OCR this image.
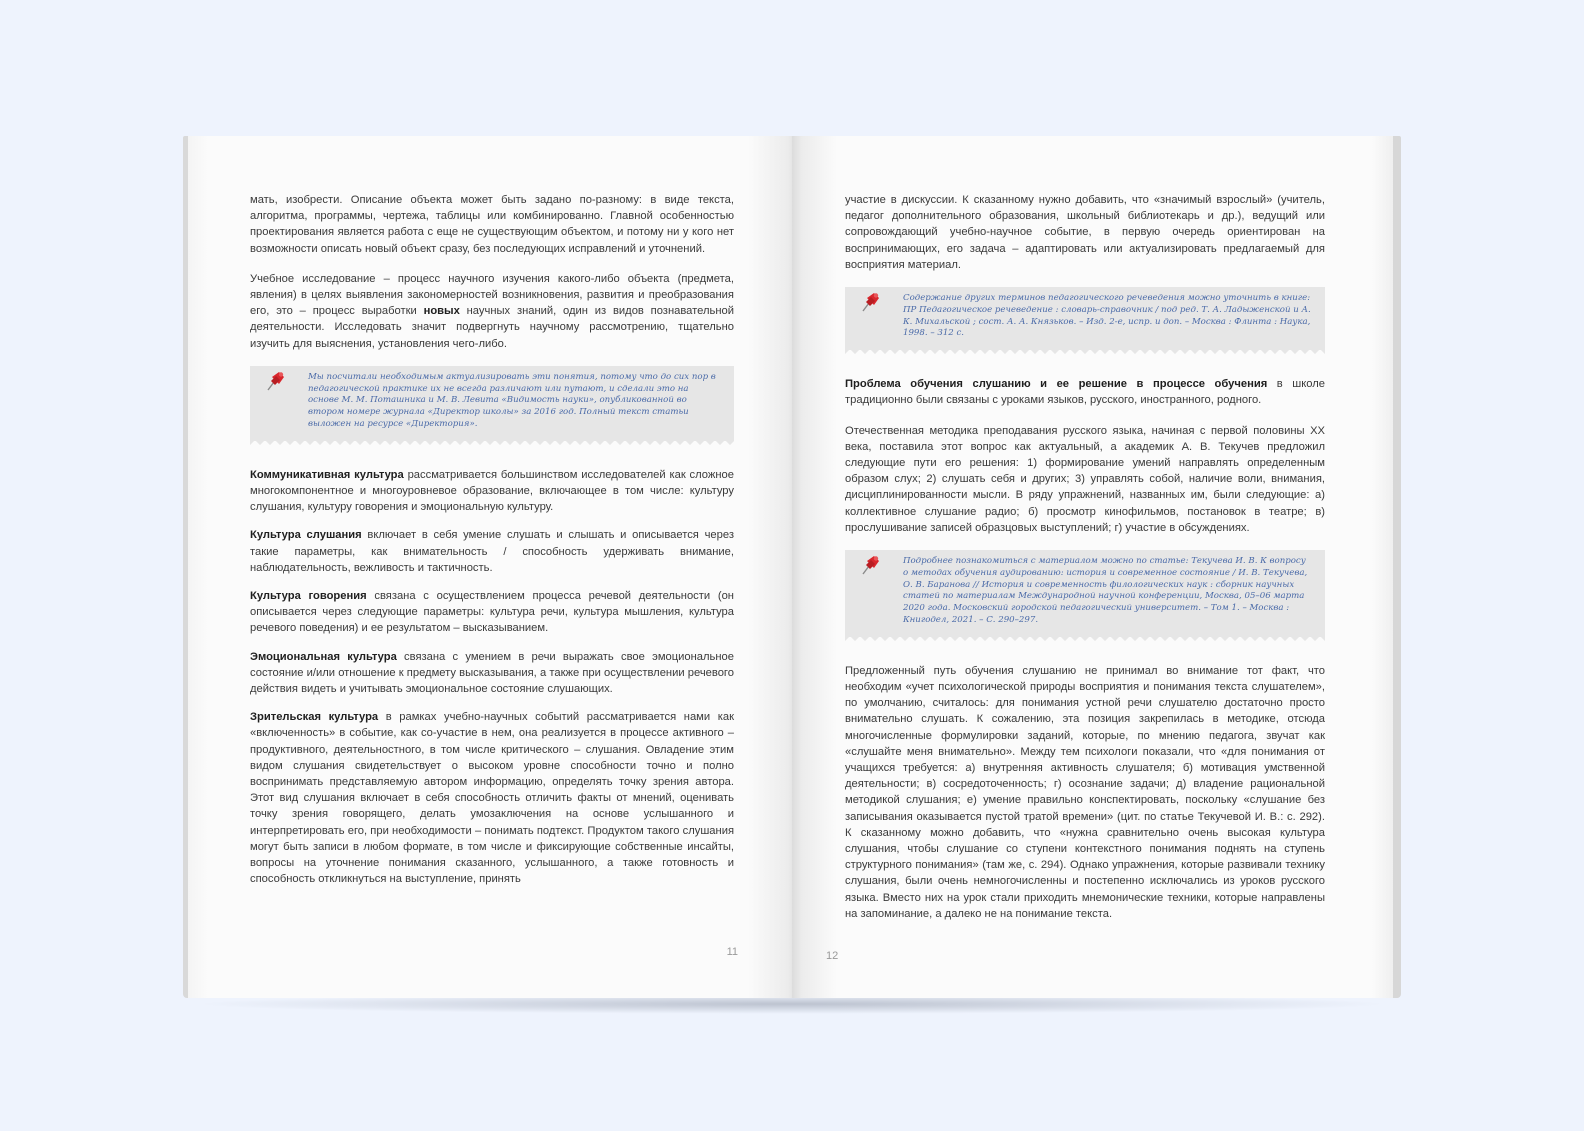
мать, изобрести. Описание объекта может быть задано по-разному: в виде текста, алгоритма, программы, чертежа, таблицы или комбинированно. Главной особенностью проектирования является работа с еще не существующим объектом, и потому ни у кого нет возможности описать новый объект сразу, без последующих исправлений и уточнений.

Учебное исследование – процесс научного изучения какого-либо объекта (предмета, явления) в целях выявления закономерностей возникновения, развития и преобразования его, это – процесс выработки новых научных знаний, один из видов познавательной деятельности. Исследовать значит подвергнуть научному рассмотрению, тщательно изучить для выяснения, установления чего-либо.

Мы посчитали необходимым актуализировать эти понятия, потому что до сих пор в педагогической практике их не всегда различают или путают, и сделали это на основе М. М. Поташника и М. В. Левита «Видимость науки», опубликованной во втором номере журнала «Директор школы» за 2016 год. Полный текст статьи выложен на ресурсе «Директория».

Коммуникативная культура рассматривается большинством исследователей как сложное многокомпонентное и многоуровневое образование, включающее в том числе: культуру слушания, культуру говорения и эмоциональную культуру.

Культура слушания включает в себя умение слушать и слышать и описывается через такие параметры, как внимательность / способность удерживать внимание, наблюдательность, вежливость и тактичность.

Культура говорения связана с осуществлением процесса речевой деятельности (он описывается через следующие параметры: культура речи, культура мышления, культура речевого поведения) и ее результатом – высказыванием.

Эмоциональная культура связана с умением в речи выражать свое эмоциональное состояние и/или отношение к предмету высказывания, а также при осуществлении речевого действия видеть и учитывать эмоциональное состояние слушающих.

Зрительская культура в рамках учебно-научных событий рассматривается нами как «включенность» в событие, как со-участие в нем, она реализуется в процессе активного – продуктивного, деятельностного, в том числе критического – слушания. Овладение этим видом слушания свидетельствует о высоком уровне способности точно и полно воспринимать представляемую автором информацию, определять точку зрения автора. Этот вид слушания включает в себя способность отличить факты от мнений, оценивать точку зрения говорящего, делать умозаключения на основе услышанного и интерпретировать его, при необходимости – понимать подтекст. Продуктом такого слушания могут быть записи в любом формате, в том числе и фиксирующие собственные инсайты, вопросы на уточнение понимания сказанного, услышанного, а также готовность и способность откликнуться на выступление, принять

11

участие в дискуссии. К сказанному нужно добавить, что «значимый взрослый» (учитель, педагог дополнительного образования, школьный библиотекарь и др.), ведущий или сопровождающий учебно-научное событие, в первую очередь ориентирован на воспринимающих, его задача – адаптировать или актуализировать предлагаемый для восприятия материал.

Содержание других терминов педагогического речеведения можно уточнить в книге: ПР Педагогическое речеведение : словарь-справочник / под ред. Т. А. Ладыженской и А. К. Михальской ; сост. А. А. Князьков. – Изд. 2-е, испр. и доп. – Москва : Флинта : Наука, 1998. – 312 с.

Проблема обучения слушанию и ее решение в процессе обучения в школе традиционно были связаны с уроками языков, русского, иностранного, родного.

Отечественная методика преподавания русского языка, начиная с первой половины XX века, поставила этот вопрос как актуальный, а академик А. В. Текучев предложил следующие пути его решения: 1) формирование умений направлять определенным образом слух; 2) слушать себя и других; 3) управлять собой, наличие воли, внимания, дисциплинированности мысли. В ряду упражнений, названных им, были следующие: а) коллективное слушание радио; б) просмотр кинофильмов, постановок в театре; в) прослушивание записей образцовых выступлений; г) участие в обсуждениях.

Подробнее познакомиться с материалом можно по статье: Текучева И. В. К вопросу о методах обучения аудированию: история и современное состояние / И. В. Текучева, О. В. Баранова // История и современность филологических наук : сборник научных статей по материалам Международной научной конференции, Москва, 05–06 марта 2020 года. Московский городской педагогический университет. – Том 1. – Москва : Книгодел, 2021. – С. 290–297.

Предложенный путь обучения слушанию не принимал во внимание тот факт, что необходим «учет психологической природы восприятия и понимания текста слушателем», по умолчанию, считалось: для понимания устной речи слушателю достаточно просто внимательно слушать. К сожалению, эта позиция закрепилась в методике, отсюда многочисленные формулировки заданий, которые, по мнению педагога, звучат как «слушайте меня внимательно». Между тем психологи показали, что «для понимания от учащихся требуется: а) внутренняя активность слушателя; б) мотивация умственной деятельности; в) сосредоточенность; г) осознание задачи; д) владение рациональной методикой слушания; е) умение правильно конспектировать, поскольку «слушание без записывания оказывается пустой тратой времени» (цит. по статье Текучевой И. В.: с. 292). К сказанному можно добавить, что «нужна сравнительно очень высокая культура слушания, чтобы слушание со ступени контекстного понимания поднять на ступень структурного понимания» (там же, с. 294). Однако упражнения, которые развивали технику слушания, были очень немногочисленны и постепенно исключались из уроков русского языка. Вместо них на урок стали приходить мнемонические техники, которые направлены на запоминание, а далеко не на понимание текста.

12
